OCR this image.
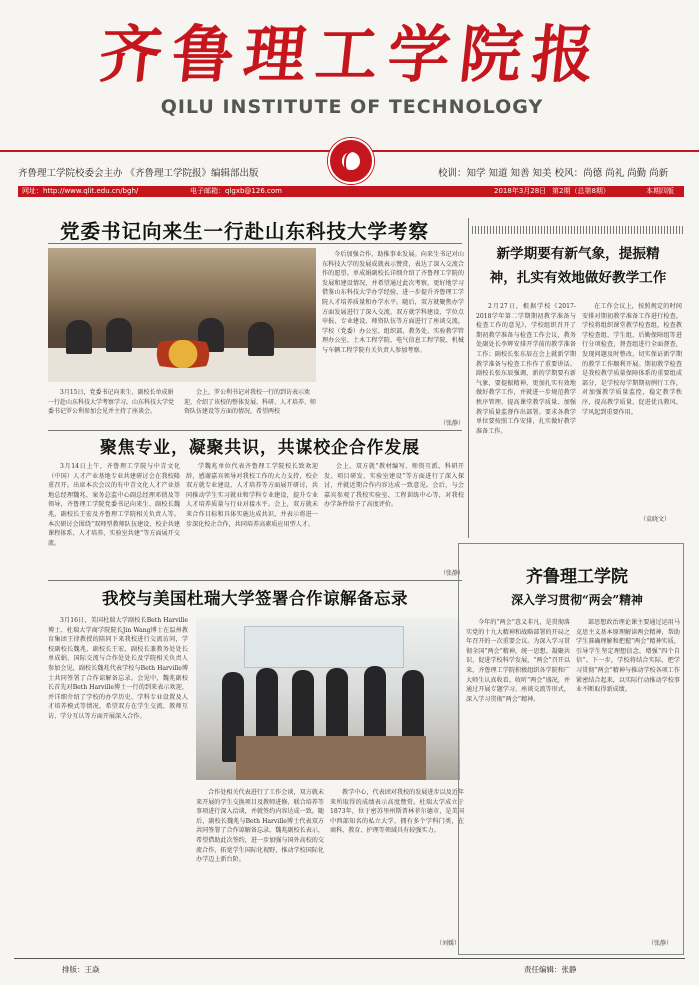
齐鲁理工学院报
QILU INSTITUTE OF TECHNOLOGY
齐鲁理工学院校委会主办 《齐鲁理工学院报》编辑部出版	校训：知学 知道 知善 知美 校风：尚德 尚礼 尚勤 尚新
网址：http://www.qlit.edu.cn/bgh/	电子邮箱：qlgxb@126.com	2018年3月28日 第2期（总第8期）	本期四版
党委书记向来生一行赴山东科技大学考察
3月15日，党委书记向来生、副校长单成娟一行赴山东科技大学考察学习。山东科技大学党委书记罗公利参加会见并主持了座谈会。
会上，罗公利书记对我校一行的到访表示欢迎，介绍了该校的整体发展、科研、人才培养、师资队伍建设等方面的情况，希望两校
今后加强合作，助推事业发展。向来生书记对山东科技大学的发展成就表示赞赏，表达了深入交流合作的愿望。单成娟副校长详细介绍了齐鲁理工学院的发展和建设情况，并希望通过此次考察，更好地学习借鉴山东科技大学办学经验，进一步提升齐鲁理工学院人才培养质量和办学水平。随后，双方就聚焦办学方面发展进行了深入交流，双方就学科建设、学位点申报、专业建设、师资队伍等方面进行了座谈交流。学校（党委）办公室、组织部、教务处、实验教学管理办公室、土木工程学院、电气信息工程学院、机械与车辆工程学院有关负责人参加考察。
（张静）
新学期要有新气象，提振精神，扎实有效地做好教学工作
2月27日，根据学校《2017-2018学年第二学期期初教学准备与检查工作的意见》，学校组织召开了期初教学准备与检查工作会议，教务处副处长李辉安排开学前的教学准备工作；副校长张东辰在会上就新学期教学准备与检查工作作了重要讲话。副校长张东辰强调，新的学期要有新气象，要提振精神，更加扎实有效地做好教学工作，并就进一步规范教学秩序管理、提高课堂教学质量、加强教学质量监督作出部署。要求各教学单位要按照工作安排，扎实做好教学准备工作。
在工作会议上，按照规定的时间安排对期初教学准备工作进行检查，学校将组织课堂教学检查组，检查教学检查组、学生组、后勤保障组等进行分项检查，督查组进行全面督查，发现问题及时整改，切实保证新学期的教学工作顺利开展。期初教学检查是我校教学质量保障体系的重要组成部分，是学校每学期期初例行工作，对加强教学质量监控，稳定教学秩序，提高教学质量，促进优良教风、学风起到重要作用。
（袁晓文）
聚焦专业，凝聚共识，共谋校企合作发展
3月14日上午，齐鲁理工学院与中青文化（中国）人才产业基地专业共建研讨会在我校隆重召开。出席本次会议的有中青文化人才产业基地总经理魏兆、案务总监中心副总经理邓倩及等领导，齐鲁理工学院党委书记向来生、副校长魏兆、副校长王宏及齐鲁理工学院相关负责人等。本次研讨会围绕“双师型教师队伍建设、校企共建课程体系、人才培养、实验室共建”等方面展开交流。
学魏兆单位代表齐鲁理工学院校长致欢迎辞，感谢嘉宾领导对我校工作的大力支持，校企双方就专业建设、人才培养等方面展开研讨，共同推动学生实习就业和学科专业建设，提升专业人才培养质量与行业对接水平。会上，双方就未来合作目标和具体实施达成共识，并表示将进一步深化校企合作，共同培养高素质应用型人才。
会上，双方就“教材编写、师资互派、科研开发、项目研发、实验室建设”等方面进行了深入探讨，并就近期合作内容达成一致意见。会后，与会嘉宾参观了我校实验室、工程训练中心等，对我校办学条件给予了高度评价。
（张静）
我校与美国杜瑞大学签署合作谅解备忘录
3月16日，美国杜瑞大学副校长Beth Harville博士、杜瑞大学商学院院长Jin Wang博士在温州教育集团王律教授的陪同下来我校进行交流访问，学校副校长魏兆、副校长王宏、副校长兼教务处处长单成娟、国际交流与合作处处长及学院相关负责人参加会见，副校长魏兆代表学校与Beth Harville博士共同签署了合作谅解备忘录。会见中，魏兆副校长首先对Beth Harville博士一行的到来表示欢迎，并详细介绍了学校的办学历史、学科专业设置及人才培养模式等情况，希望双方在学生交流、教师互访、学分互认等方面开展深入合作。
合作处相关代表进行了工作会谈，双方就未来开展的学生交换项目及教师进修、联合培养等事项进行深入洽谈，并就签约内容达成一致。随后，副校长魏兆与Beth Harville博士代表双方共同签署了合作谅解备忘录。魏兆副校长表示，希望借助此次签约，进一步加强与国外高校的交流合作，拓宽学生国际化视野，推动学校国际化办学迈上新台阶。
教学中心，代表团对我校的发展进步以及近年来所取得的成绩表示高度赞赏。杜瑞大学成立于1873年，位于密苏里州斯普林菲尔德市，是美国中西部知名的私立大学，拥有多个学科门类，在商科、教育、护理等领域具有较强实力。
（刘媛）
齐鲁理工学院
深入学习贯彻“两会”精神
今年的“两会”意义非凡，是贯彻落实党的十九大精神和战略部署的开局之年召开的一次重要会议。为深入学习贯彻全国“两会”精神，统一思想、凝聚共识，促进学校科学发展，“两会”召开以来，齐鲁理工学院积极组织各学院和广大师生认真收看、收听“两会”盛况，并通过开展专题学习、座谈交流等形式，深入学习贯彻“两会”精神。
部思想政治理论课主要通过运用马克思主义基本原理解读两会精神，帮助学生准确理解和把握“两会”精神实质，引导学生坚定理想信念，增强“四个自信”。下一步，学校将结合实际，把学习贯彻“两会”精神与推动学校各项工作紧密结合起来，以实际行动推动学校事业不断取得新成绩。
（张静）
排版：王焱	责任编辑：张静
